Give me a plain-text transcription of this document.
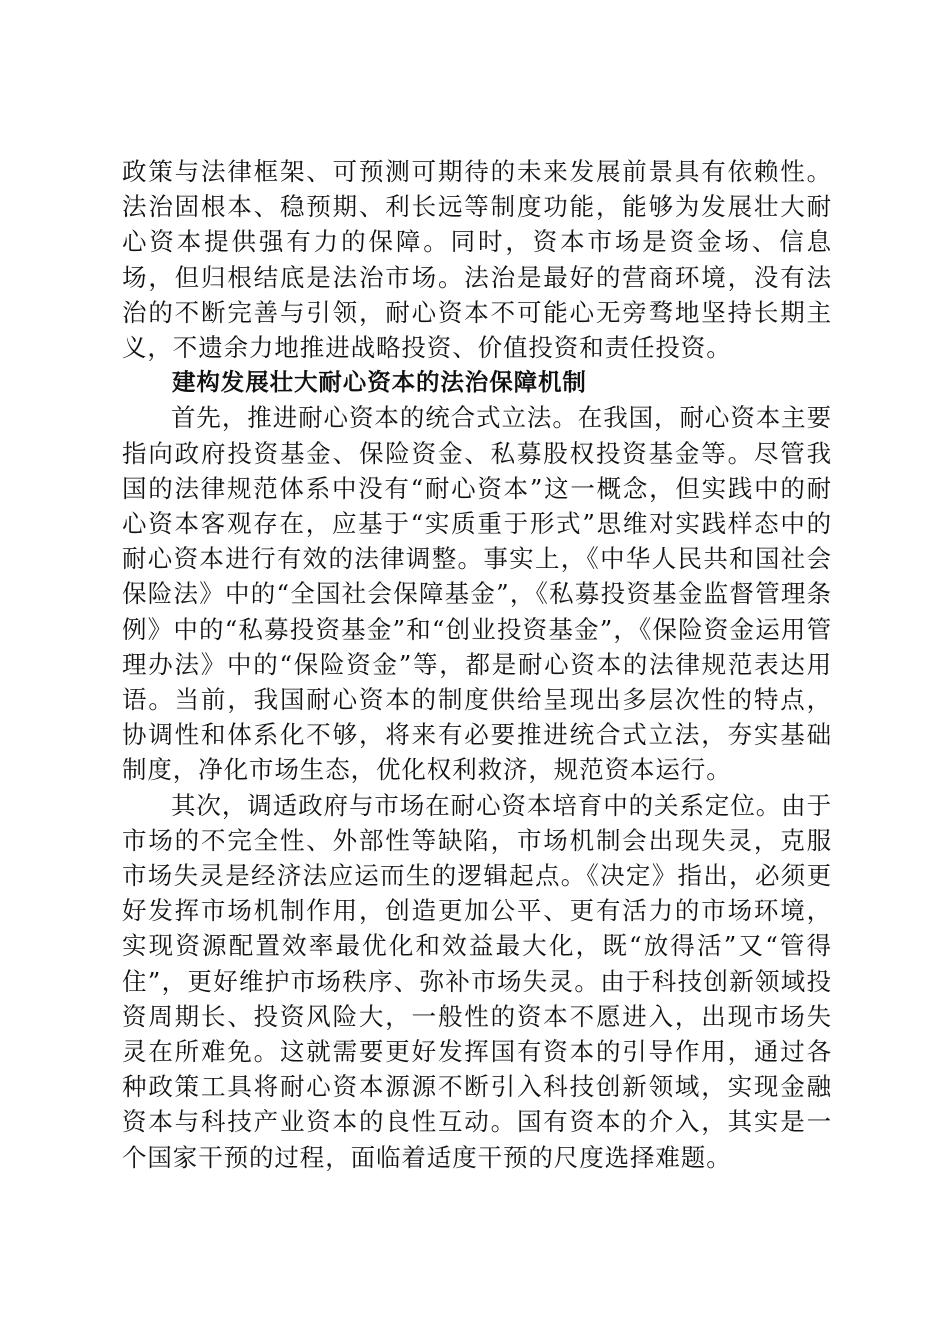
政策与法律框架、可预测可期待的未来发展前景具有依赖性。法治固根本、稳预期、利长远等制度功能，能够为发展壮大耐心资本提供强有力的保障。同时，资本市场是资金场、信息场，但归根结底是法治市场。法治是最好的营商环境，没有法治的不断完善与引领，耐心资本不可能心无旁骛地坚持长期主义，不遗余力地推进战略投资、价值投资和责任投资。

建构发展壮大耐心资本的法治保障机制

首先，推进耐心资本的统合式立法。在我国，耐心资本主要指向政府投资基金、保险资金、私募股权投资基金等。尽管我国的法律规范体系中没有“耐心资本”这一概念，但实践中的耐心资本客观存在，应基于“实质重于形式”思维对实践样态中的耐心资本进行有效的法律调整。事实上，《中华人民共和国社会保险法》中的“全国社会保障基金”，《私募投资基金监督管理条例》中的“私募投资基金”和“创业投资基金”，《保险资金运用管理办法》中的“保险资金”等，都是耐心资本的法律规范表达用语。当前，我国耐心资本的制度供给呈现出多层次性的特点，协调性和体系化不够，将来有必要推进统合式立法，夯实基础制度，净化市场生态，优化权利救济，规范资本运行。

其次，调适政府与市场在耐心资本培育中的关系定位。由于市场的不完全性、外部性等缺陷，市场机制会出现失灵，克服市场失灵是经济法应运而生的逻辑起点。《决定》指出，必须更好发挥市场机制作用，创造更加公平、更有活力的市场环境，实现资源配置效率最优化和效益最大化，既“放得活”又“管得住”，更好维护市场秩序、弥补市场失灵。由于科技创新领域投资周期长、投资风险大，一般性的资本不愿进入，出现市场失灵在所难免。这就需要更好发挥国有资本的引导作用，通过各种政策工具将耐心资本源源不断引入科技创新领域，实现金融资本与科技产业资本的良性互动。国有资本的介入，其实是一个国家干预的过程，面临着适度干预的尺度选择难题。
